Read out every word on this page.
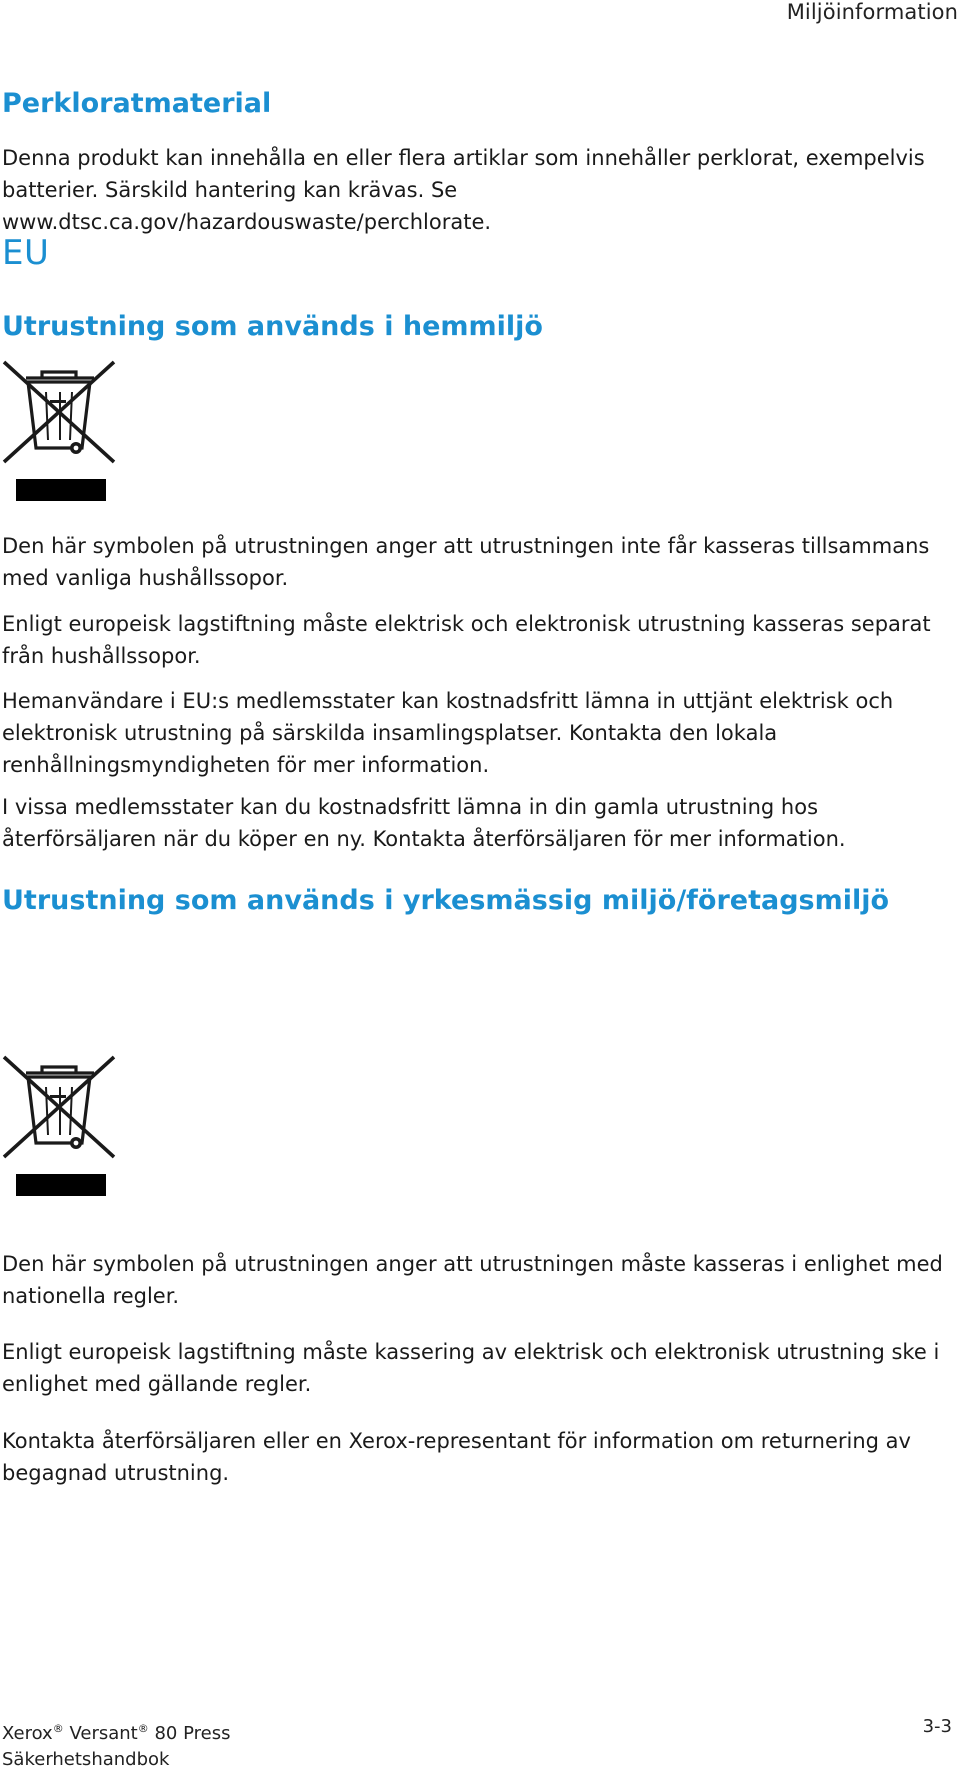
Miljöinformation
Perkloratmaterial

Denna produkt kan innehålla en eller flera artiklar som innehåller perklorat, exempelvis batterier. Särskild hantering kan krävas. Se www.dtsc.ca.gov/hazardouswaste/perchlorate.

EU
Utrustning som används i hemmiljö

Den här symbolen på utrustningen anger att utrustningen inte får kasseras tillsammans med vanliga hushållssopor.

Enligt europeisk lagstiftning måste elektrisk och elektronisk utrustning kasseras separat från hushållssopor.

Hemanvändare i EU:s medlemsstater kan kostnadsfritt lämna in uttjänt elektrisk och elektronisk utrustning på särskilda insamlingsplatser. Kontakta den lokala renhållningsmyndigheten för mer information.

I vissa medlemsstater kan du kostnadsfritt lämna in din gamla utrustning hos återförsäljaren när du köper en ny. Kontakta återförsäljaren för mer information.

Utrustning som används i yrkesmässig miljö/företagsmiljö

Den här symbolen på utrustningen anger att utrustningen måste kasseras i enlighet med nationella regler.

Enligt europeisk lagstiftning måste kassering av elektrisk och elektronisk utrustning ske i enlighet med gällande regler.

Kontakta återförsäljaren eller en Xerox-representant för information om returnering av begagnad utrustning.

Xerox® Versant® 80 Press
Säkerhetshandbok
3-3
